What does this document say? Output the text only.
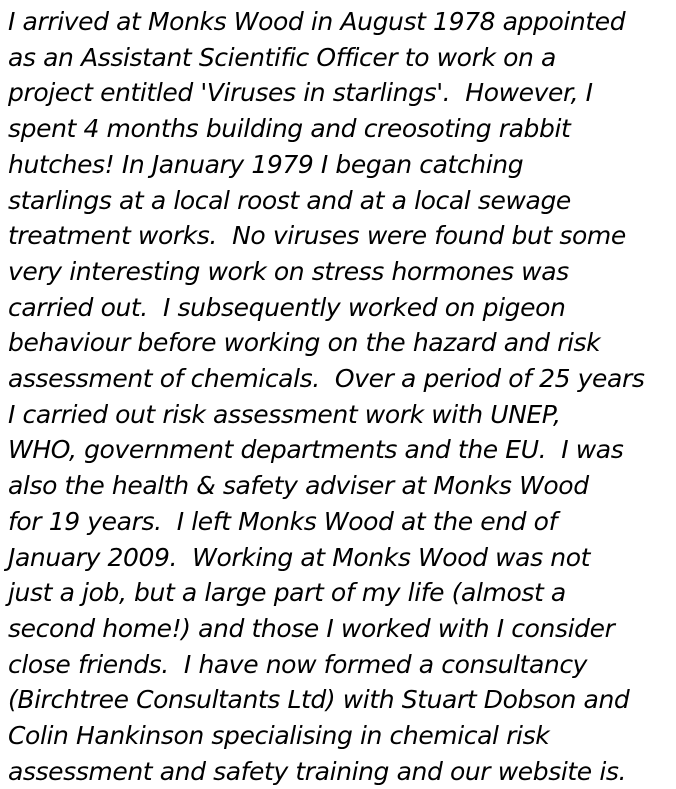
I arrived at Monks Wood in August 1978 appointed
as an Assistant Scientific Officer to work on a
project entitled 'Viruses in starlings'.  However, I
spent 4 months building and creosoting rabbit
hutches! In January 1979 I began catching
starlings at a local roost and at a local sewage
treatment works.  No viruses were found but some
very interesting work on stress hormones was
carried out.  I subsequently worked on pigeon
behaviour before working on the hazard and risk
assessment of chemicals.  Over a period of 25 years
I carried out risk assessment work with UNEP,
WHO, government departments and the EU.  I was
also the health & safety adviser at Monks Wood
for 19 years.  I left Monks Wood at the end of
January 2009.  Working at Monks Wood was not
just a job, but a large part of my life (almost a
second home!) and those I worked with I consider
close friends.  I have now formed a consultancy
(Birchtree Consultants Ltd) with Stuart Dobson and
Colin Hankinson specialising in chemical risk
assessment and safety training and our website is.
